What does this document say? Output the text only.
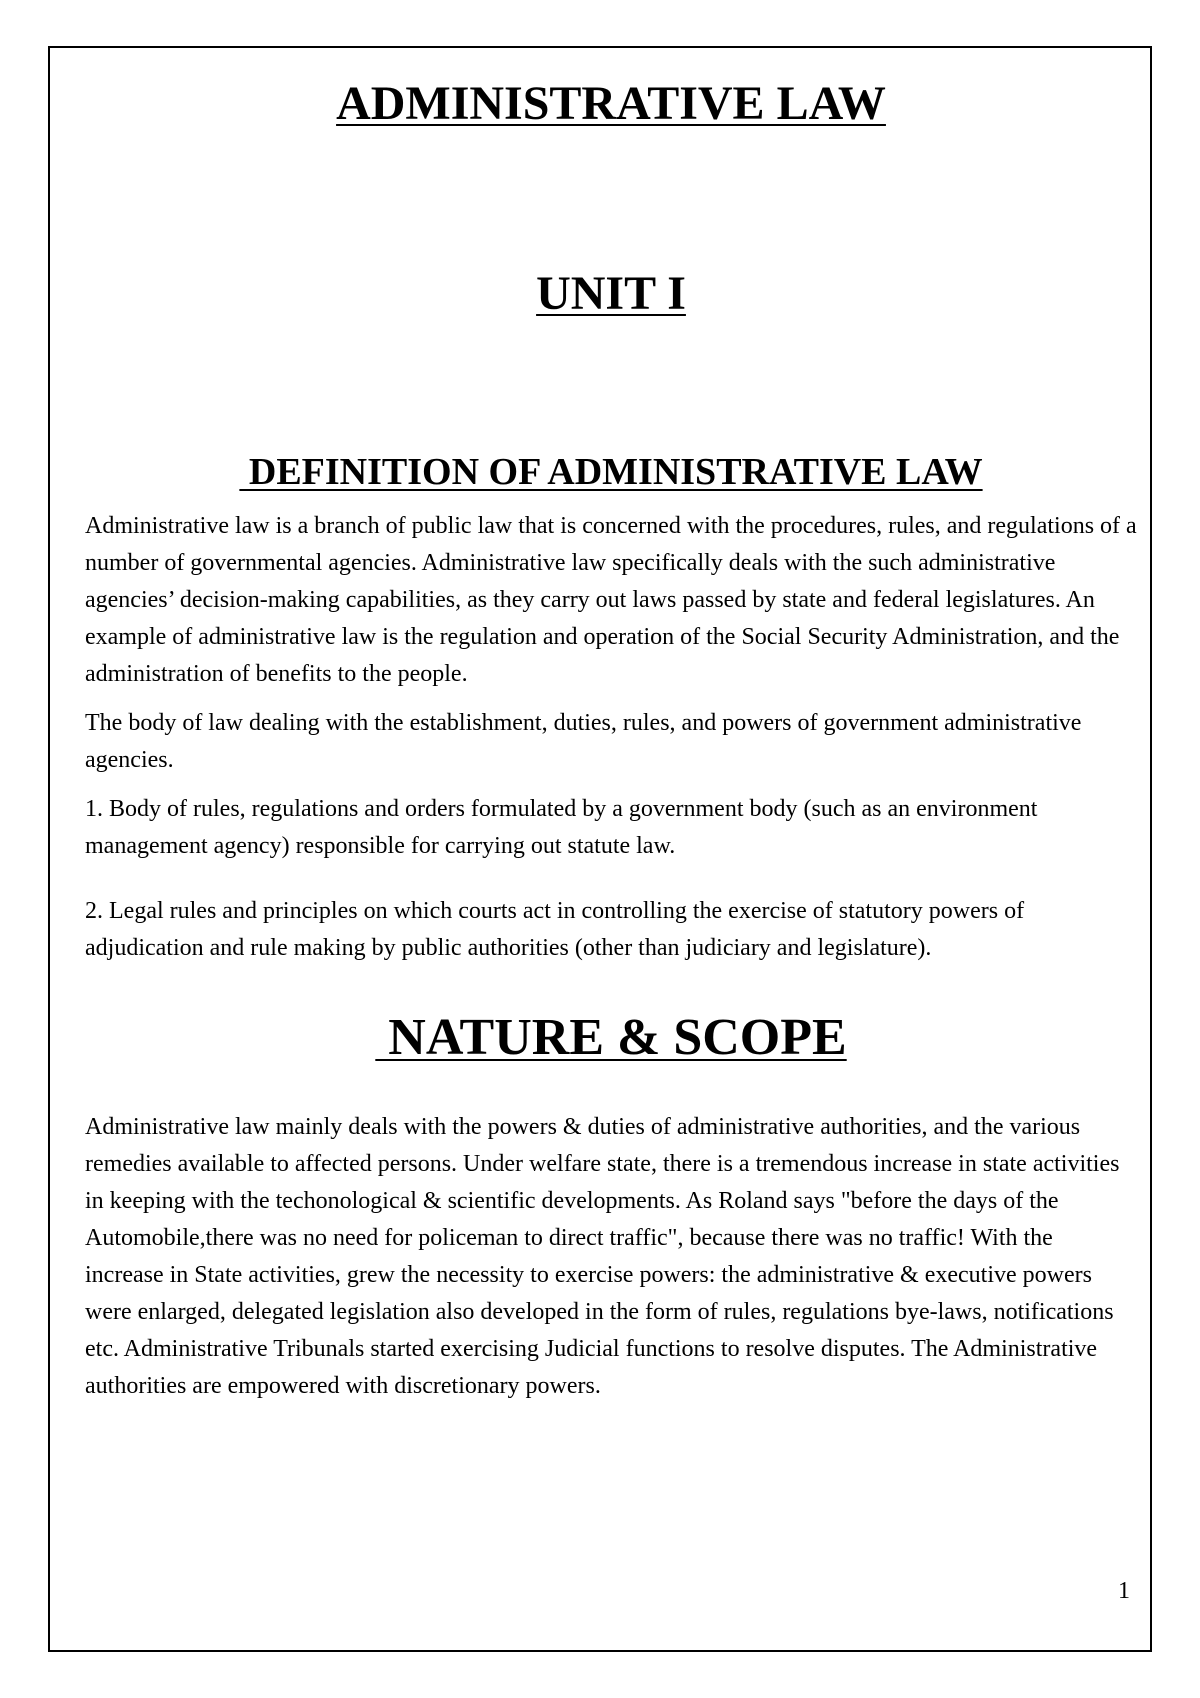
ADMINISTRATIVE LAW
UNIT I
DEFINITION OF ADMINISTRATIVE LAW

Administrative law is a branch of public law that is concerned with the procedures, rules, and regulations of a number of governmental agencies. Administrative law specifically deals with the such administrative agencies’ decision-making capabilities, as they carry out laws passed by state and federal legislatures. An example of administrative law is the regulation and operation of the Social Security Administration, and the administration of benefits to the people.

The body of law dealing with the establishment, duties, rules, and powers of government administrative agencies.

1. Body of rules, regulations and orders formulated by a government body (such as an environment management agency) responsible for carrying out statute law.

2. Legal rules and principles on which courts act in controlling the exercise of statutory powers of adjudication and rule making by public authorities (other than judiciary and legislature).

NATURE & SCOPE

Administrative law mainly deals with the powers & duties of administrative authorities, and the various remedies available to affected persons. Under welfare state, there is a tremendous increase in state activities in keeping with the techonological & scientific developments. As Roland says "before the days of the Automobile,there was no need for policeman to direct traffic", because there was no traffic! With the increase in State activities, grew the necessity to exercise powers: the administrative & executive powers were enlarged, delegated legislation also developed in the form of rules, regulations bye-laws, notifications etc. Administrative Tribunals started exercising Judicial functions to resolve disputes. The Administrative authorities are empowered with discretionary powers.

1
